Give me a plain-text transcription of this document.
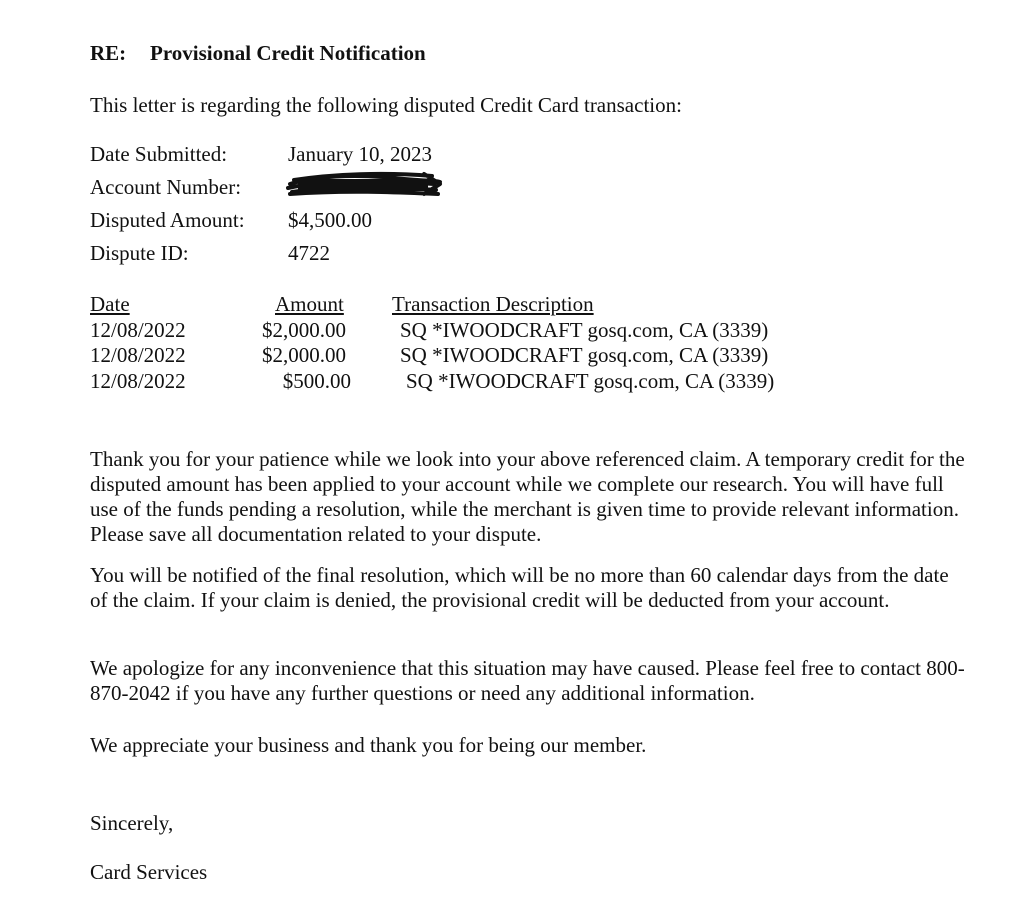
RE: Provisional Credit Notification
This letter is regarding the following disputed Credit Card transaction:
Date Submitted:	January 10, 2023
Account Number:
Disputed Amount: $4,500.00
Dispute ID:	4722
Date	Amount Transaction Description
12/08/2022	$2,000.00	SQ *IWOODCRAFT gosq.com, CA (3339)
12/08/2022	$2,000.00	SQ *IWOODCRAFT gosq.com, CA (3339)
12/08/2022	$500.00	SQ *IWOODCRAFT gosq.com, CA (3339)

Thank you for your patience while we look into your above referenced claim. A temporary credit for the disputed amount has been applied to your account while we complete our research. You will have full use of the funds pending a resolution, while the merchant is given time to provide relevant information. Please save all documentation related to your dispute.

You will be notified of the final resolution, which will be no more than 60 calendar days from the date of the claim. If your claim is denied, the provisional credit will be deducted from your account.

We apologize for any inconvenience that this situation may have caused. Please feel free to contact 800-870-2042 if you have any further questions or need any additional information.

We appreciate your business and thank you for being our member.

Sincerely,
Card Services
